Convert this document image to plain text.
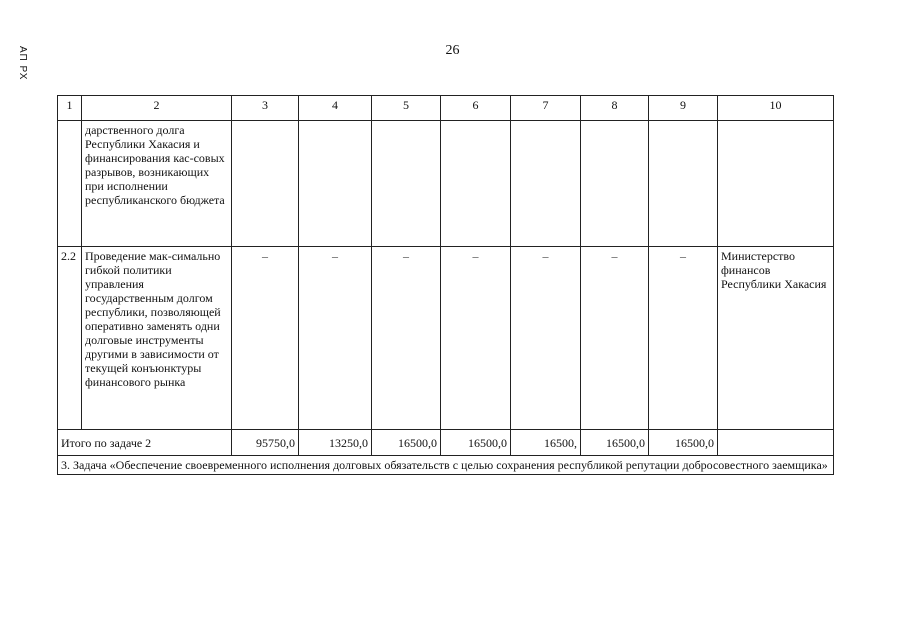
АП РХ	26
1	2	3	4	5	6	7	8	9	10
	дарственного долга Республики Хакасия и финансирования кас-совых разрывов, возникающих при исполнении республиканского бюджета								
2.2	Проведение мак-симально гибкой политики управления государственным долгом республики, позволяющей оперативно заменять одни долговые инструменты другими в зависимости от текущей конъюнктуры финансового рынка	–	–	–	–	–	–	–	Министерство финансов Республики Хакасия
Итого по задаче 2		95750,0	13250,0	16500,0	16500,0	16500,	16500,0	16500,0	
3. Задача «Обеспечение своевременного исполнения долговых обязательств с целью сохранения республикой репутации добросовестного заемщика»									
